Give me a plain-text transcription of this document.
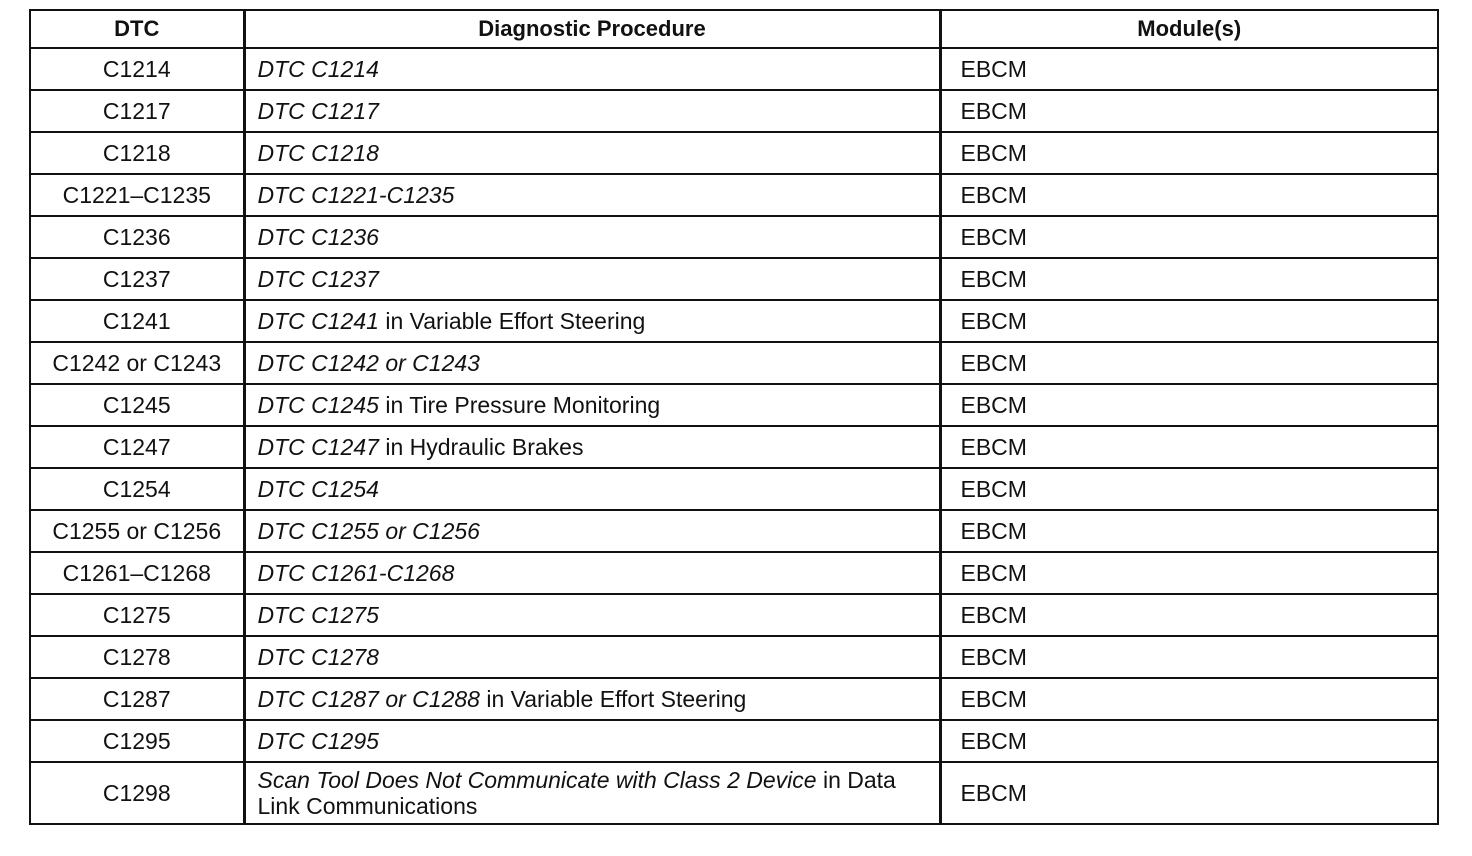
DTC	Diagnostic Procedure	Module(s)
C1214	DTC C1214	EBCM
C1217	DTC C1217	EBCM
C1218	DTC C1218	EBCM
C1221–C1235	DTC C1221-C1235	EBCM
C1236	DTC C1236	EBCM
C1237	DTC C1237	EBCM
C1241	DTC C1241 in Variable Effort Steering	EBCM
C1242 or C1243	DTC C1242 or C1243	EBCM
C1245	DTC C1245 in Tire Pressure Monitoring	EBCM
C1247	DTC C1247 in Hydraulic Brakes	EBCM
C1254	DTC C1254	EBCM
C1255 or C1256	DTC C1255 or C1256	EBCM
C1261–C1268	DTC C1261-C1268	EBCM
C1275	DTC C1275	EBCM
C1278	DTC C1278	EBCM
C1287	DTC C1287 or C1288 in Variable Effort Steering	EBCM
C1295	DTC C1295	EBCM
C1298	Scan Tool Does Not Communicate with Class 2 Device in Data Link Communications	EBCM
